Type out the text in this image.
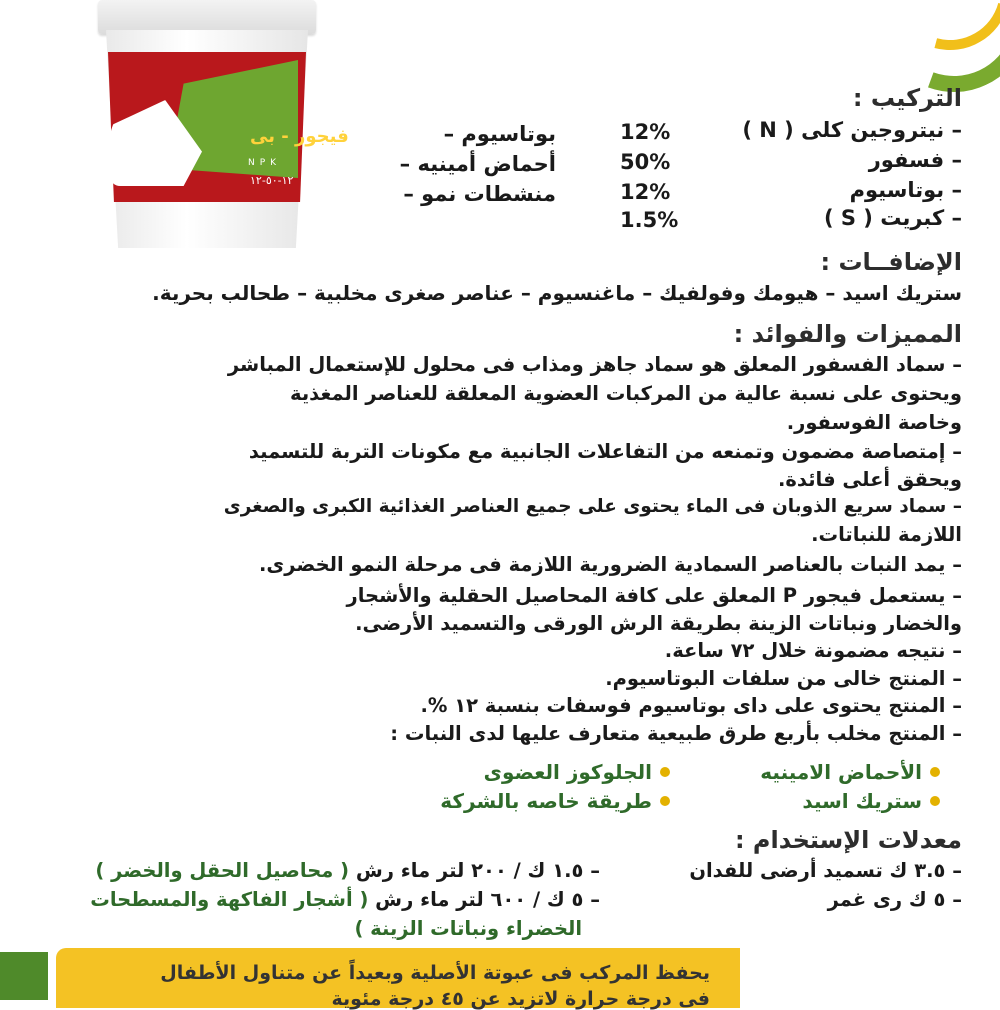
فيجور - بى
NPK
١٢-٥٠-١٢
التركيب :
– نيتروجين كلى ( N )
12%
– فسفور
50%
– بوتاسيوم
12%
– كبريت ( S )
1.5%
بوتاسيوم –
أحماض أمينيه –
منشطات نمو –
الإضافــات :
ستريك اسيد – هيومك وفولفيك – ماغنسيوم – عناصر صغرى مخلبية – طحالب بحرية.
المميزات والفوائد :
– سماد الفسفور المعلق هو سماد جاهز ومذاب فى محلول للإستعمال المباشر
ويحتوى على نسبة عالية من المركبات العضوية المعلقة للعناصر المغذية
وخاصة الفوسفور.
– إمتصاصة مضمون وتمنعه من التفاعلات الجانبية مع مكونات التربة للتسميد
ويحقق أعلى فائدة.
– سماد سريع الذوبان فى الماء يحتوى على جميع العناصر الغذائية الكبرى والصغرى
اللازمة للنباتات.
– يمد النبات بالعناصر السمادية الضرورية اللازمة فى مرحلة النمو الخضرى.
– يستعمل فيجور P المعلق على كافة المحاصيل الحقلية والأشجار
والخضار ونباتات الزينة بطريقة الرش الورقى والتسميد الأرضى.
– نتيجه مضمونة خلال ٧٢ ساعة.
– المنتج خالى من سلفات البوتاسيوم.
– المنتج يحتوى على داى بوتاسيوم فوسفات بنسبة ١٢ %.
– المنتج مخلب بأربع طرق طبيعية متعارف عليها لدى النبات :
الأحماض الامينيه
الجلوكوز العضوى
ستريك اسيد
طريقة خاصه بالشركة
معدلات الإستخدام :
– ٣.٥ ك تسميد أرضى للفدان
– ٥ ك رى غمر
– ١.٥ ك / ٢٠٠ لتر ماء رش ( محاصيل الحقل والخضر )
– ٥ ك / ٦٠٠ لتر ماء رش ( أشجار الفاكهة والمسطحات
الخضراء ونباتات الزينة )
يحفظ المركب فى عبوتة الأصلية وبعيداً عن متناول الأطفال
فى درجة حرارة لاتزيد عن ٤٥ درجة مئوية
